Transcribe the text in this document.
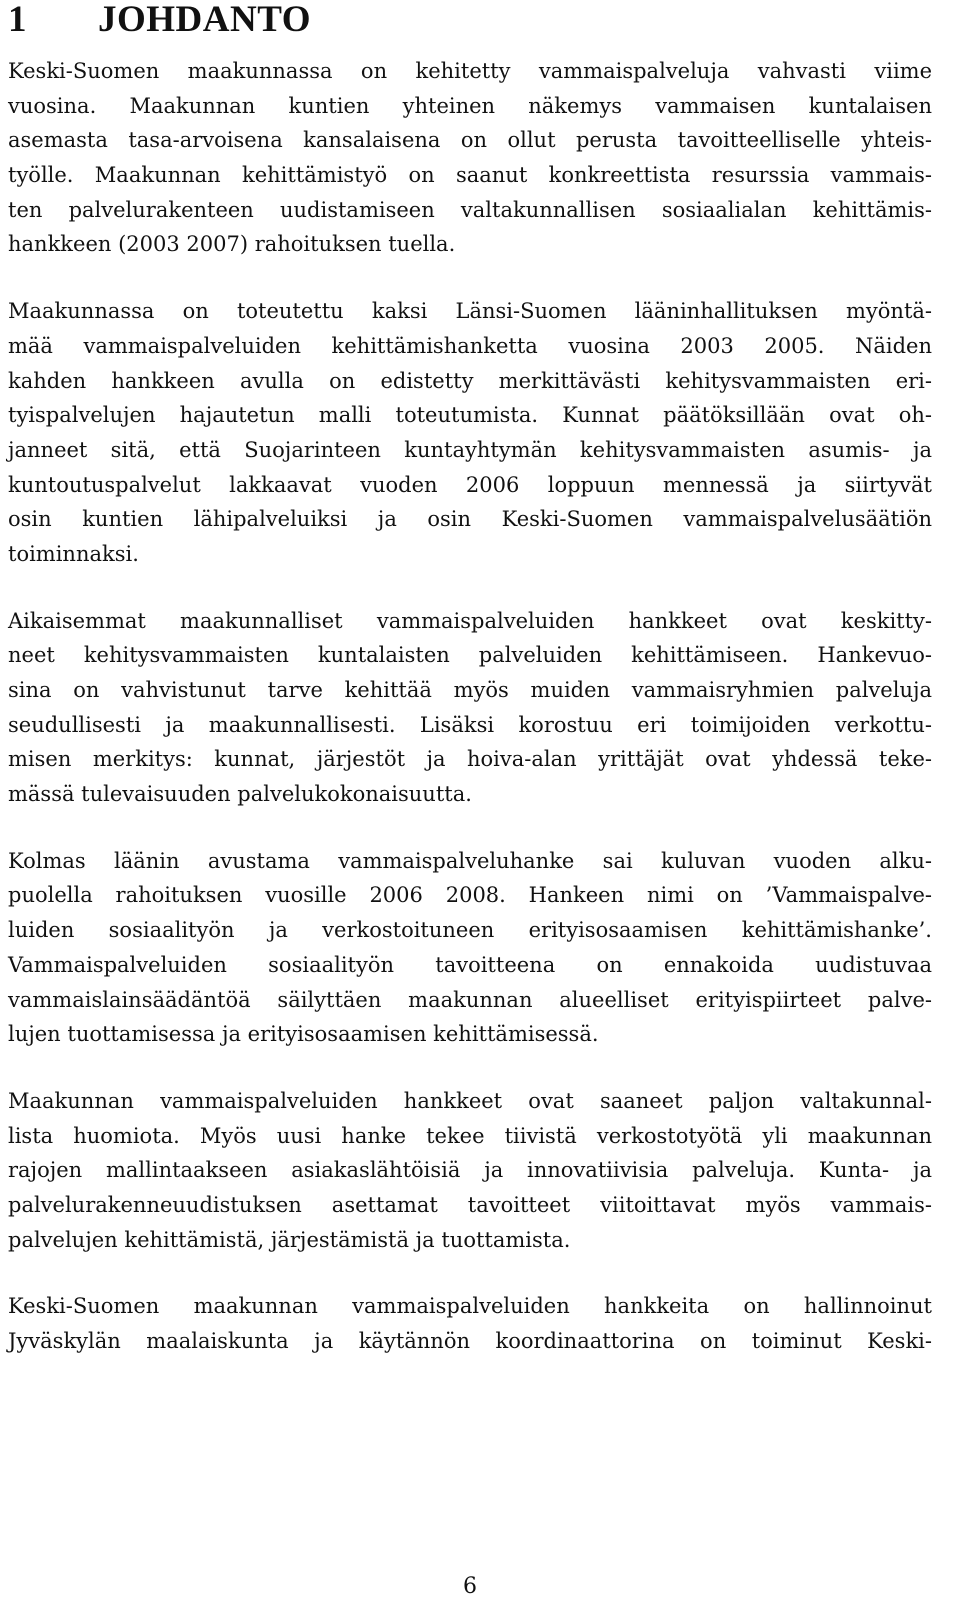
1 JOHDANTO
Keski-Suomen maakunnassa on kehitetty vammaispalveluja vahvasti viime
vuosina. Maakunnan kuntien yhteinen näkemys vammaisen kuntalaisen
asemasta tasa-arvoisena kansalaisena on ollut perusta tavoitteelliselle yhteis-
työlle. Maakunnan kehittämistyö on saanut konkreettista resurssia vammais-
ten palvelurakenteen uudistamiseen valtakunnallisen sosiaalialan kehittämis-
hankkeen (2003 2007) rahoituksen tuella.
Maakunnassa on toteutettu kaksi Länsi-Suomen lääninhallituksen myöntä-
mää vammaispalveluiden kehittämishanketta vuosina 2003 2005. Näiden
kahden hankkeen avulla on edistetty merkittävästi kehitysvammaisten eri-
tyispalvelujen hajautetun malli toteutumista. Kunnat päätöksillään ovat oh-
janneet sitä, että Suojarinteen kuntayhtymän kehitysvammaisten asumis- ja
kuntoutuspalvelut lakkaavat vuoden 2006 loppuun mennessä ja siirtyvät
osin kuntien lähipalveluiksi ja osin Keski-Suomen vammaispalvelusäätiön
toiminnaksi.
Aikaisemmat maakunnalliset vammaispalveluiden hankkeet ovat keskitty-
neet kehitysvammaisten kuntalaisten palveluiden kehittämiseen. Hankevuo-
sina on vahvistunut tarve kehittää myös muiden vammaisryhmien palveluja
seudullisesti ja maakunnallisesti. Lisäksi korostuu eri toimijoiden verkottu-
misen merkitys: kunnat, järjestöt ja hoiva-alan yrittäjät ovat yhdessä teke-
mässä tulevaisuuden palvelukokonaisuutta.
Kolmas läänin avustama vammaispalveluhanke sai kuluvan vuoden alku-
puolella rahoituksen vuosille 2006 2008. Hankeen nimi on ’Vammaispalve-
luiden sosiaalityön ja verkostoituneen erityisosaamisen kehittämishanke’.
Vammaispalveluiden sosiaalityön tavoitteena on ennakoida uudistuvaa
vammaislainsäädäntöä säilyttäen maakunnan alueelliset erityispiirteet palve-
lujen tuottamisessa ja erityisosaamisen kehittämisessä.
Maakunnan vammaispalveluiden hankkeet ovat saaneet paljon valtakunnal-
lista huomiota. Myös uusi hanke tekee tiivistä verkostotyötä yli maakunnan
rajojen mallintaakseen asiakaslähtöisiä ja innovatiivisia palveluja. Kunta- ja
palvelurakenneuudistuksen asettamat tavoitteet viitoittavat myös vammais-
palvelujen kehittämistä, järjestämistä ja tuottamista.
Keski-Suomen maakunnan vammaispalveluiden hankkeita on hallinnoinut
Jyväskylän maalaiskunta ja käytännön koordinaattorina on toiminut Keski-
6
